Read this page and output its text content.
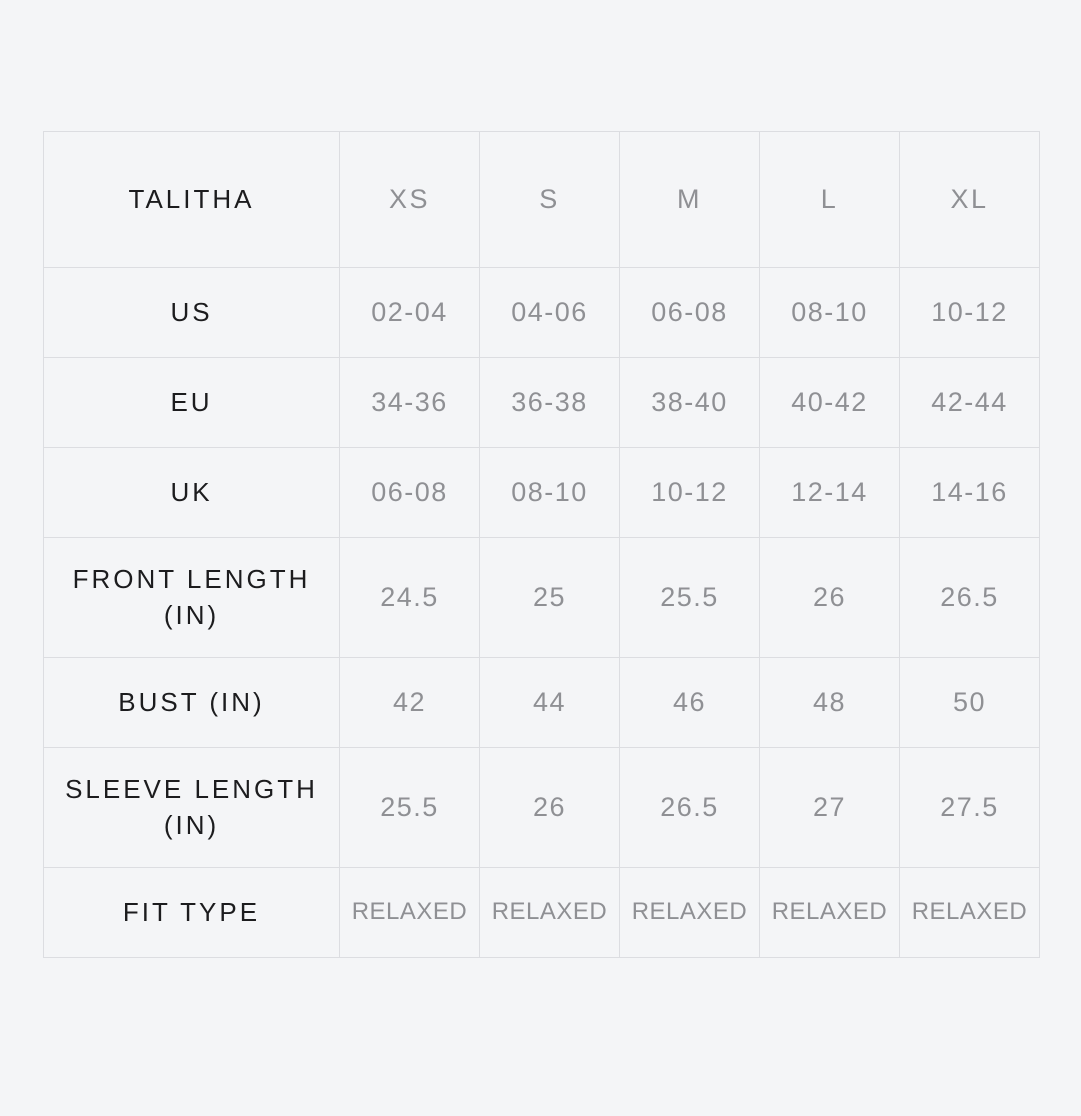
TALITHA	XS	S	M	L	XL
US	02-04	04-06	06-08	08-10	10-12
EU	34-36	36-38	38-40	40-42	42-44
UK	06-08	08-10	10-12	12-14	14-16
FRONT LENGTH (IN)	24.5	25	25.5	26	26.5
BUST (IN)	42	44	46	48	50
SLEEVE LENGTH (IN)	25.5	26	26.5	27	27.5
FIT TYPE	RELAXED	RELAXED	RELAXED	RELAXED	RELAXED
